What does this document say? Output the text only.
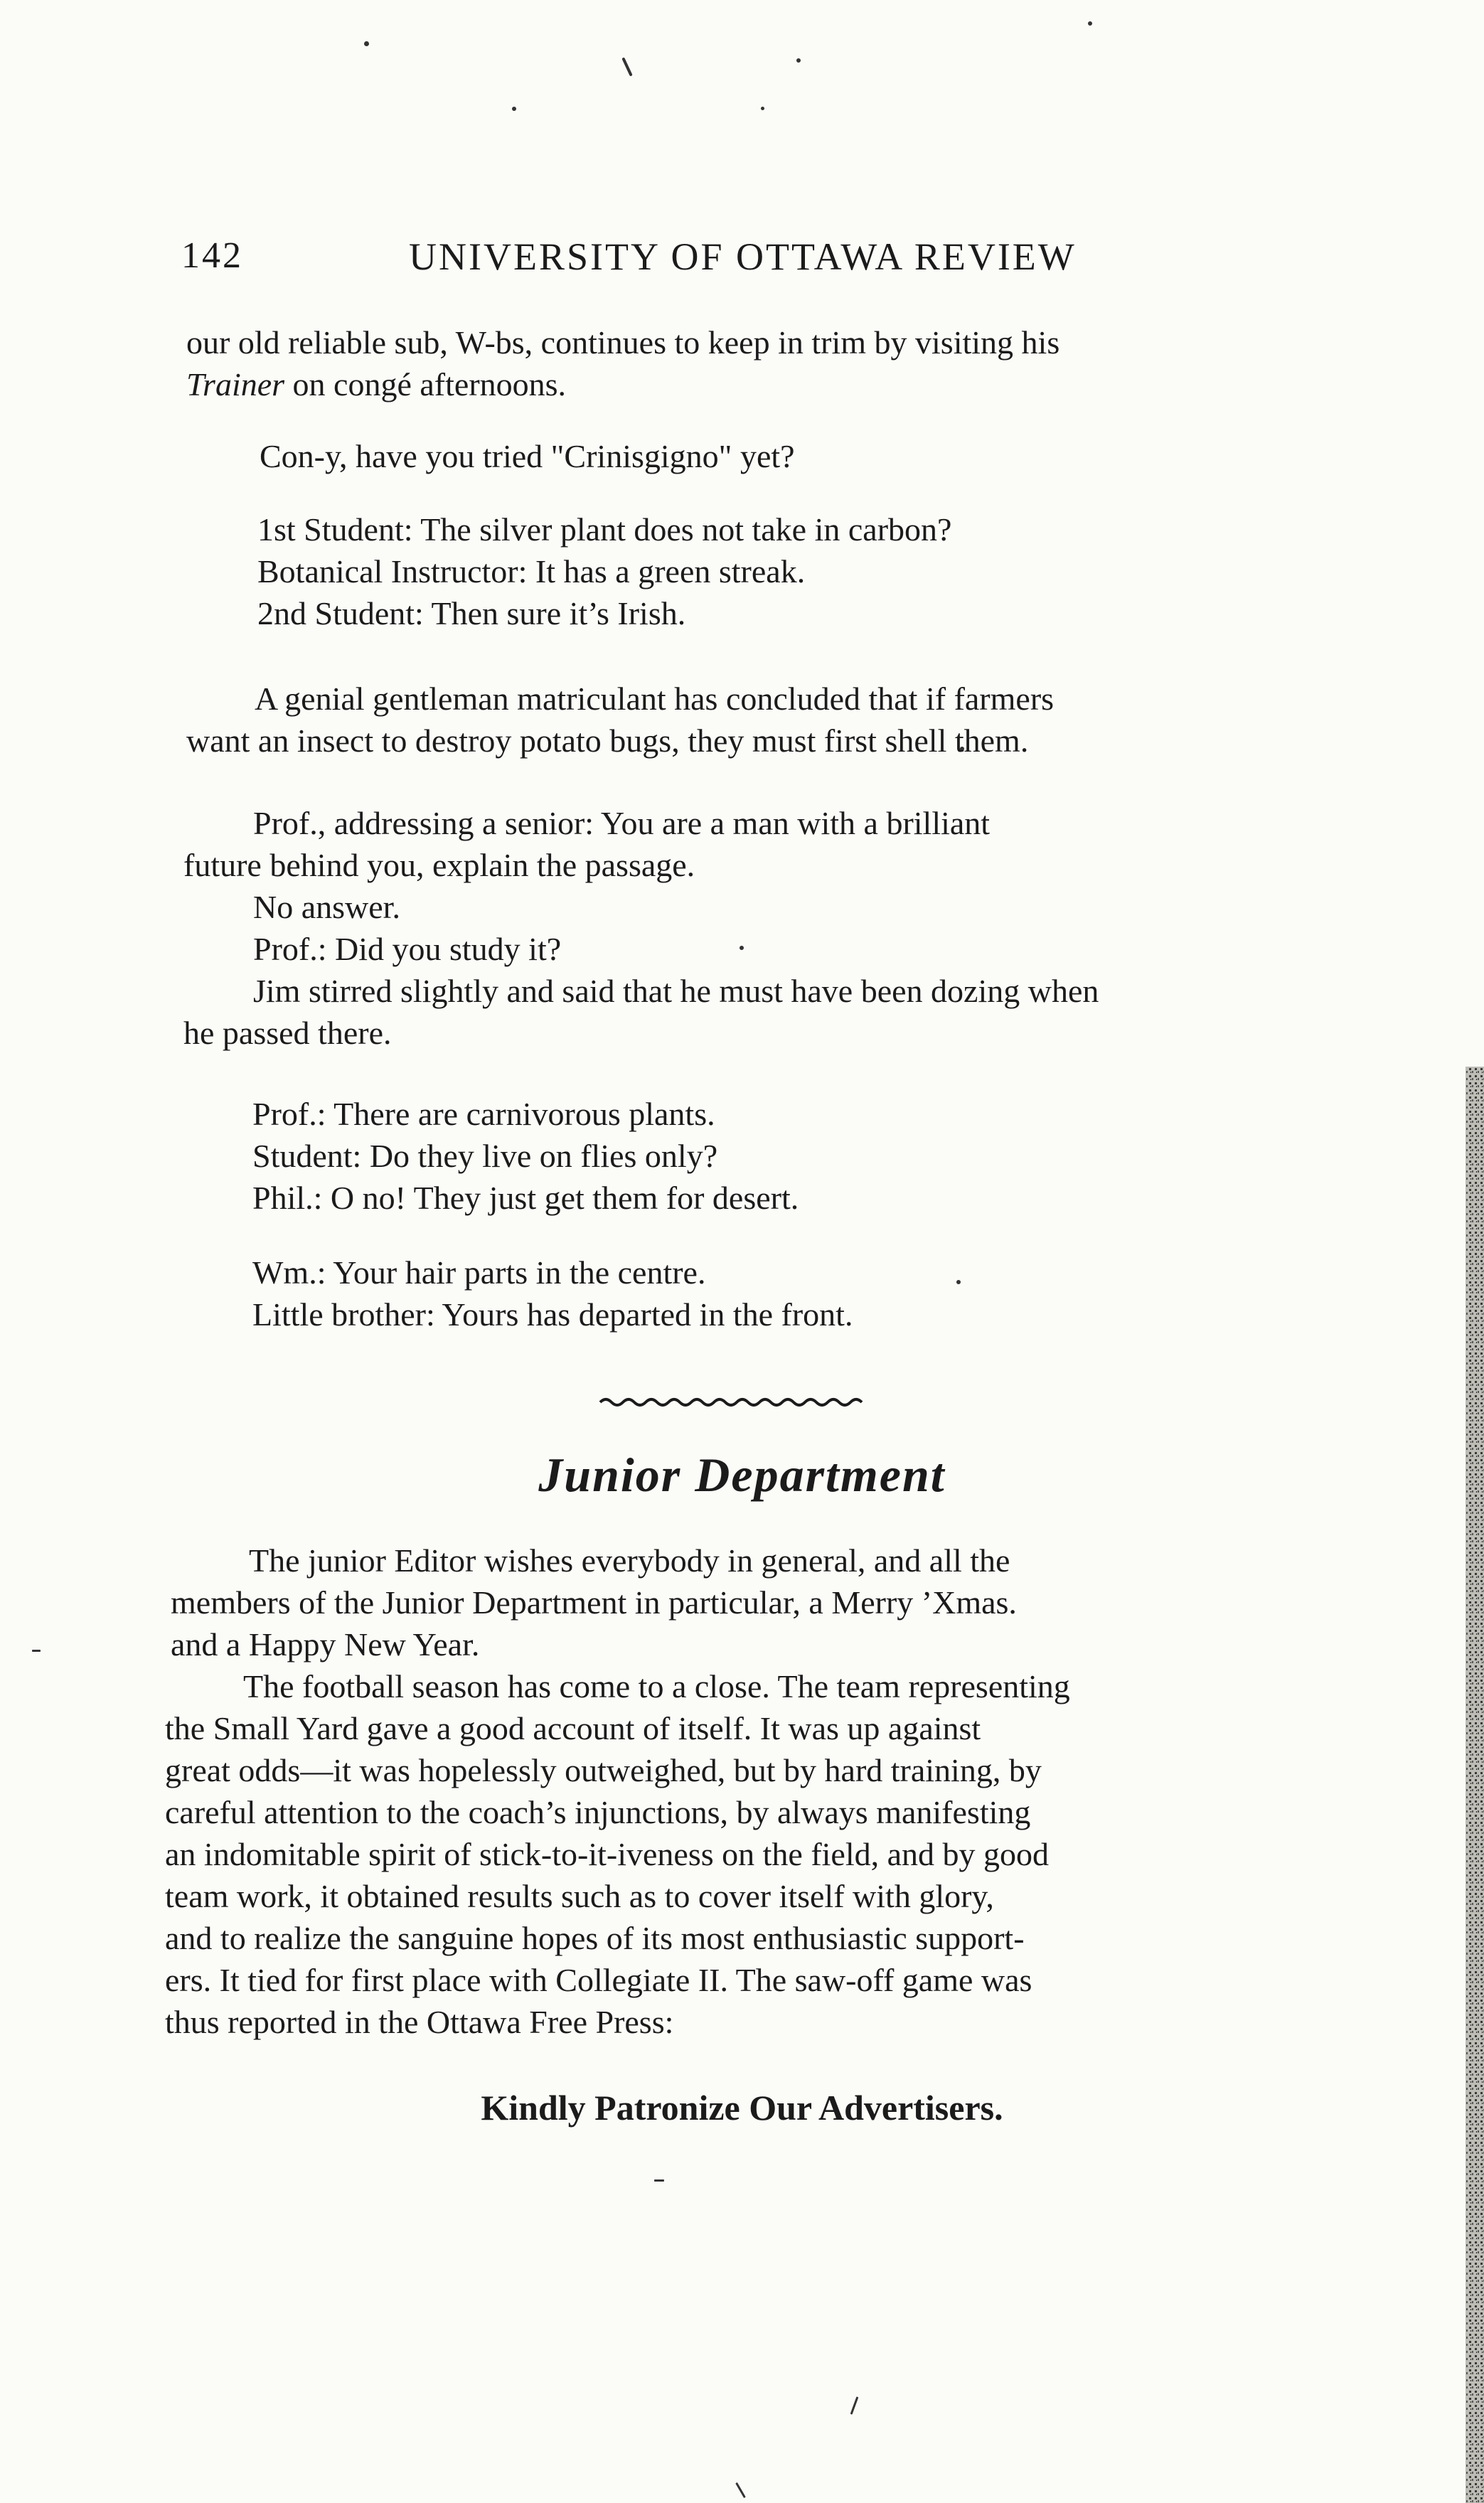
142	UNIVERSITY OF OTTAWA REVIEW

our old reliable sub, W-bs, continues to keep in trim by visiting his
Trainer on congé afternoons.

Con-y, have you tried "Crinisgigno" yet?

1st Student: The silver plant does not take in carbon?
Botanical Instructor: It has a green streak.
2nd Student: Then sure it’s Irish.

A genial gentleman matriculant has concluded that if farmers
want an insect to destroy potato bugs, they must first shell them.

Prof., addressing a senior: You are a man with a brilliant
future behind you, explain the passage.
No answer.
Prof.: Did you study it?
Jim stirred slightly and said that he must have been dozing when
he passed there.

Prof.: There are carnivorous plants.
Student: Do they live on flies only?
Phil.: O no! They just get them for desert.

Wm.: Your hair parts in the centre.
Little brother: Yours has departed in the front.

Junior Department

The junior Editor wishes everybody in general, and all the
members of the Junior Department in particular, a Merry ’Xmas.
and a Happy New Year.

The football season has come to a close. The team representing
the Small Yard gave a good account of itself. It was up against
great odds—it was hopelessly outweighed, but by hard training, by
careful attention to the coach’s injunctions, by always manifesting
an indomitable spirit of stick-to-it-iveness on the field, and by good
team work, it obtained results such as to cover itself with glory,
and to realize the sanguine hopes of its most enthusiastic support-
ers. It tied for first place with Collegiate II. The saw-off game was
thus reported in the Ottawa Free Press:

Kindly Patronize Our Advertisers.
